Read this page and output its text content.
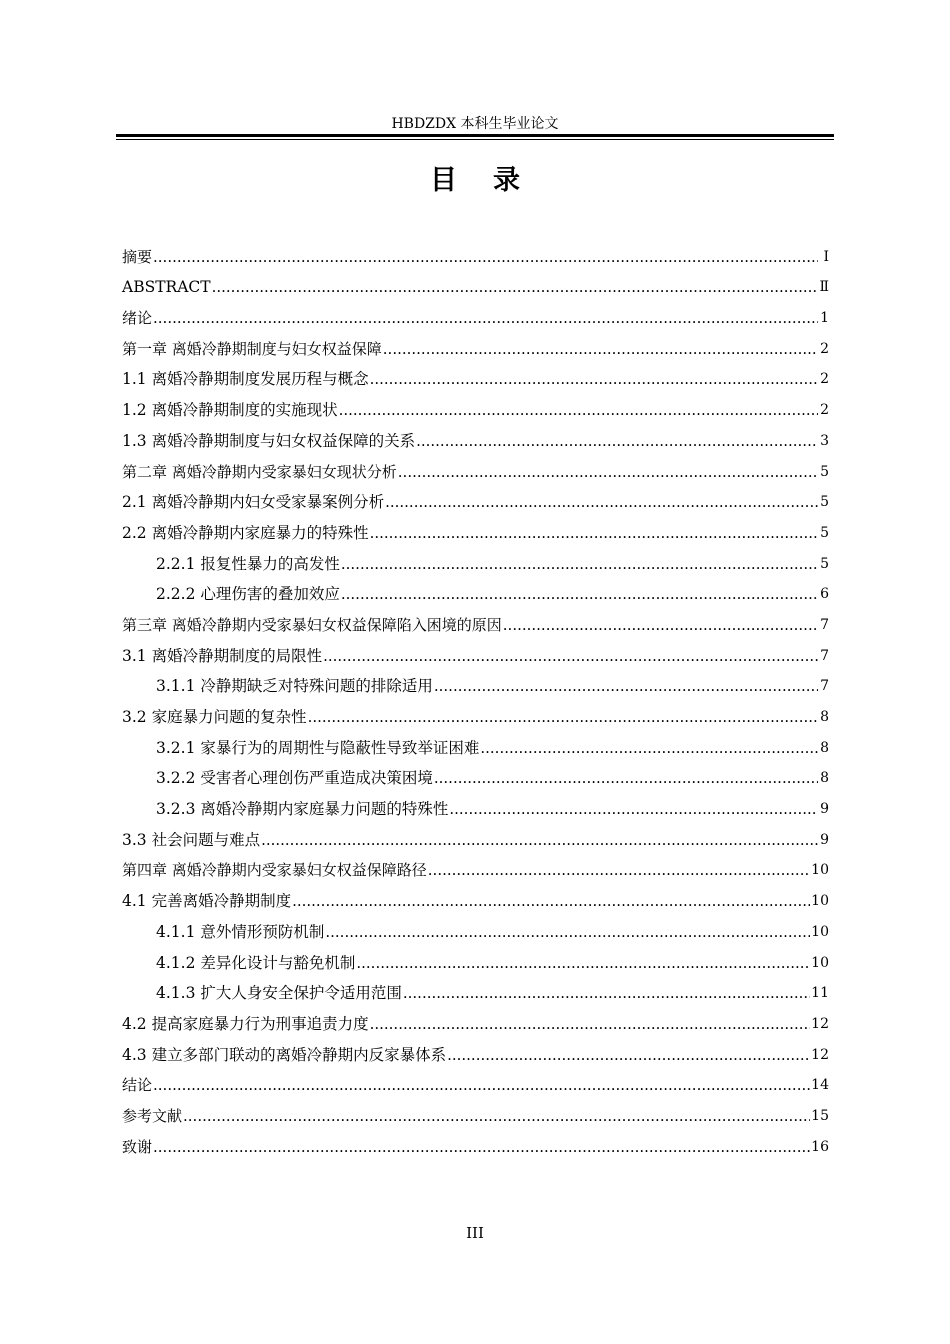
HBDZDX 本科生毕业论文
目录
摘要 .....	I
ABSTRACT .....	Ⅱ
绪论 .....	1
第一章 离婚冷静期制度与妇女权益保障 .....	2
1.1 离婚冷静期制度发展历程与概念 .....	2
1.2 离婚冷静期制度的实施现状 .....	2
1.3 离婚冷静期制度与妇女权益保障的关系 .....	3
第二章 离婚冷静期内受家暴妇女现状分析 .....	5
2.1 离婚冷静期内妇女受家暴案例分析 .....	5
2.2 离婚冷静期内家庭暴力的特殊性 .....	5
2.2.1 报复性暴力的高发性 .....	5
2.2.2 心理伤害的叠加效应 .....	6
第三章 离婚冷静期内受家暴妇女权益保障陷入困境的原因 .....	7
3.1 离婚冷静期制度的局限性 .....	7
3.1.1 冷静期缺乏对特殊问题的排除适用 .....	7
3.2 家庭暴力问题的复杂性 .....	8
3.2.1 家暴行为的周期性与隐蔽性导致举证困难 .....	8
3.2.2 受害者心理创伤严重造成决策困境 .....	8
3.2.3 离婚冷静期内家庭暴力问题的特殊性 .....	9
3.3 社会问题与难点 .....	9
第四章 离婚冷静期内受家暴妇女权益保障路径 .....	10
4.1 完善离婚冷静期制度 .....	10
4.1.1 意外情形预防机制 .....	10
4.1.2 差异化设计与豁免机制 .....	10
4.1.3 扩大人身安全保护令适用范围 .....	11
4.2 提高家庭暴力行为刑事追责力度 .....	12
4.3 建立多部门联动的离婚冷静期内反家暴体系 .....	12
结论 .....	14
参考文献 .....	15
致谢 .....	16
III
